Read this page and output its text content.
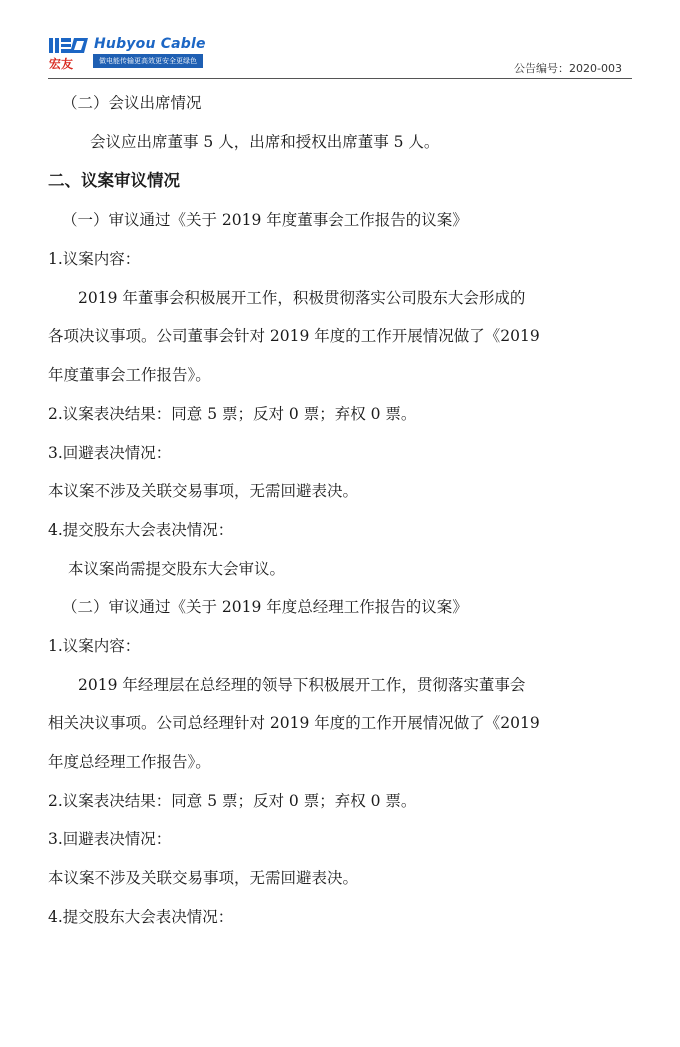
Hubyou Cable
宏友	做电能传输更高效更安全更绿色
公告编号：2020-003
（二）会议出席情况
会议应出席董事 5 人，出席和授权出席董事 5 人。
二、议案审议情况
（一）审议通过《关于 2019 年度董事会工作报告的议案》
1.议案内容：
2019 年董事会积极展开工作，积极贯彻落实公司股东大会形成的
各项决议事项。公司董事会针对 2019 年度的工作开展情况做了《2019
年度董事会工作报告》。
2.议案表决结果：同意 5 票；反对 0 票；弃权 0 票。
3.回避表决情况：
本议案不涉及关联交易事项，无需回避表决。
4.提交股东大会表决情况：
本议案尚需提交股东大会审议。
（二）审议通过《关于 2019 年度总经理工作报告的议案》
1.议案内容：
2019 年经理层在总经理的领导下积极展开工作，贯彻落实董事会
相关决议事项。公司总经理针对 2019 年度的工作开展情况做了《2019
年度总经理工作报告》。
2.议案表决结果：同意 5 票；反对 0 票；弃权 0 票。
3.回避表决情况：
本议案不涉及关联交易事项，无需回避表决。
4.提交股东大会表决情况：
